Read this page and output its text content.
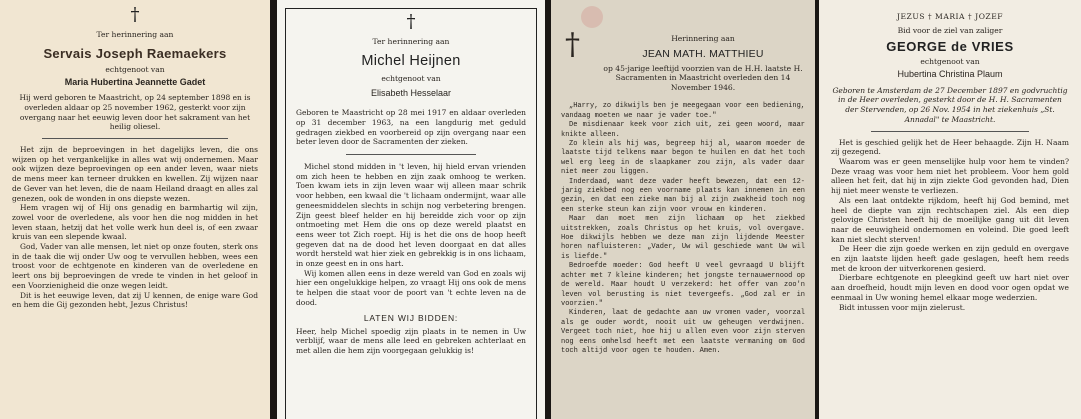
†
Ter herinnering aan
Servais Joseph Raemaekers
echtgenoot van
Maria Hubertina Jeannette Gadet
Hij werd geboren te Maastricht, op 24 september 1898 en is overleden aldaar op 25 november 1962, gesterkt voor zijn overgang naar het eeuwig leven door het sakrament van het heilig oliesel.

Het zijn de beproevingen in het dagelijks leven, die ons wijzen op het vergankelijke in alles wat wij ondernemen. Maar ook wijzen deze beproevingen op een ander leven, waar niets de mens meer kan terneer drukken en kwellen. Zij wijzen naar de Gever van het leven, die de naam Heiland draagt en alles zal genezen, ook de wonden in ons diepste wezen.

Hem vragen wij of Hij ons genadig en barmhartig wil zijn, zowel voor de overledene, als voor hen die nog midden in het leven staan, hetzij dat het volle werk hun deel is, of een zwaar kruis van een slepende kwaal.

God, Vader van alle mensen, let niet op onze fouten, sterk ons in de taak die wij onder Uw oog te vervullen hebben, wees een troost voor de echtgenote en kinderen van de overledene en leert ons bij beproevingen de vrede te vinden in het geloof in een Voorzienigheid die onze wegen leidt.

Dit is het eeuwige leven, dat zij U kennen, de enige ware God en hem die Gij gezonden hebt, Jezus Christus!

†
Ter herinnering aan
Michel Heijnen
echtgenoot van
Elisabeth Hesselaar
Geboren te Maastricht op 28 mei 1917 en aldaar overleden op 31 december 1963, na een langdurig met geduld gedragen ziekbed en voorbereid op zijn overgang naar een beter leven door de Sacramenten der zieken.

Michel stond midden in 't leven, hij hield ervan vrienden om zich heen te hebben en zijn zaak omhoog te werken. Toen kwam iets in zijn leven waar wij alleen maar schrik voor hebben, een kwaal die 't lichaam ondermijnt, waar alle geneesmiddelen slechts in schijn nog verbetering brengen. Zijn geest bleef helder en hij bereidde zich voor op zijn ontmoeting met Hem die ons op deze wereld plaatst en eens weer tot Zich roept. Hij is het die ons de hoop heeft gegeven dat na de dood het leven doorgaat en dat alles wordt hersteld wat hier ziek en gebrekkig is in ons lichaam, in onze geest en in ons hart.

Wij komen allen eens in deze wereld van God en zoals wij hier een ongelukkige helpen, zo vraagt Hij ons ook de mens te helpen die staat voor de poort van 't echte leven na de dood.

LATEN WIJ BIDDEN:
Heer, help Michel spoedig zijn plaats in te nemen in Uw verblijf, waar de mens alle leed en gebreken achterlaat en met allen die hem zijn voorgegaan gelukkig is!
†	Herinnering aan
JEAN MATH. MATTHIEU
op 45-jarige leeftijd voorzien van de H.H. laatste H. Sacramenten in Maastricht overleden den 14 November 1946.

„Harry, zo dikwijls ben je meegegaan voor een bediening, vandaag moeten we naar je vader toe."

De misdienaar keek voor zich uit, zei geen woord, maar knikte alleen.

Zo klein als hij was, begreep hij al, waarom moeder de laatste tijd telkens maar begon te huilen en dat het toch wel erg leeg in de slaapkamer zou zijn, als vader daar niet meer zou liggen.

Inderdaad, want deze vader heeft bewezen, dat een 12-jarig ziekbed nog een voorname plaats kan innemen in een gezin, en dat een zieke man bij al zijn zwakheid toch nog een sterke steun kan zijn voor vrouw en kinderen.

Maar dan moet men zijn lichaam op het ziekbed uitstrekken, zoals Christus op het kruis, vol overgave. Hoe dikwijls hebben we deze man zijn lijdende Meester horen nafluisteren: „Vader, Uw wil geschiede want Uw wil is liefde."

Bedroefde moeder: God heeft U veel gevraagd U blijft achter met 7 kleine kinderen; het jongste ternauwernood op de wereld. Maar houdt U verzekerd: het offer van zoo'n leven vol berusting is niet tevergeefs. „God zal er in voorzien."

Kinderen, laat de gedachte aan uw vromen vader, voorzal als ge ouder wordt, nooit uit uw geheugen verdwijnen. Vergeet toch niet, hoe hij u allen even voor zijn sterven nog eens omhelsd heeft met een laatste vermaning om God toch altijd voor ogen te houden. Amen.

JEZUS † MARIA † JOZEF
Bid voor de ziel van zaliger
GEORGE de VRIES
echtgenoot van
Hubertina Christina Plaum
Geboren te Amsterdam de 27 December 1897 en godvruchtig in de Heer overleden, gesterkt door de H. H. Sacramenten der Stervenden, op 26 Nov. 1954 in het ziekenhuis „St. Annadal" te Maastricht.

Het is geschied gelijk het de Heer behaagde. Zijn H. Naam zij gezegend.

Waarom was er geen menselijke hulp voor hem te vinden? Deze vraag was voor hem niet het probleem. Voor hem gold alleen het feit, dat hij in zijn ziekte God gevonden had, Dien hij niet meer wenste te verliezen.

Als een laat ontdekte rijkdom, heeft hij God bemind, met heel de diepte van zijn rechtschapen ziel. Als een diep gelovige Christen heeft hij de moeilijke gang uit dit leven naar de eeuwigheid ondernomen en voleind. Die goed leeft kan niet slecht sterven!

De Heer die zijn goede werken en zijn geduld en overgave en zijn laatste lijden heeft gade geslagen, heeft hem reeds met de kroon der uitverkorenen gesierd.

Dierbare echtgenote en pleegkind geeft uw hart niet over aan droefheid, houdt mijn leven en dood voor ogen opdat we eenmaal in Uw woning hemel elkaar moge wederzien.

Bidt intussen voor mijn zielerust.
